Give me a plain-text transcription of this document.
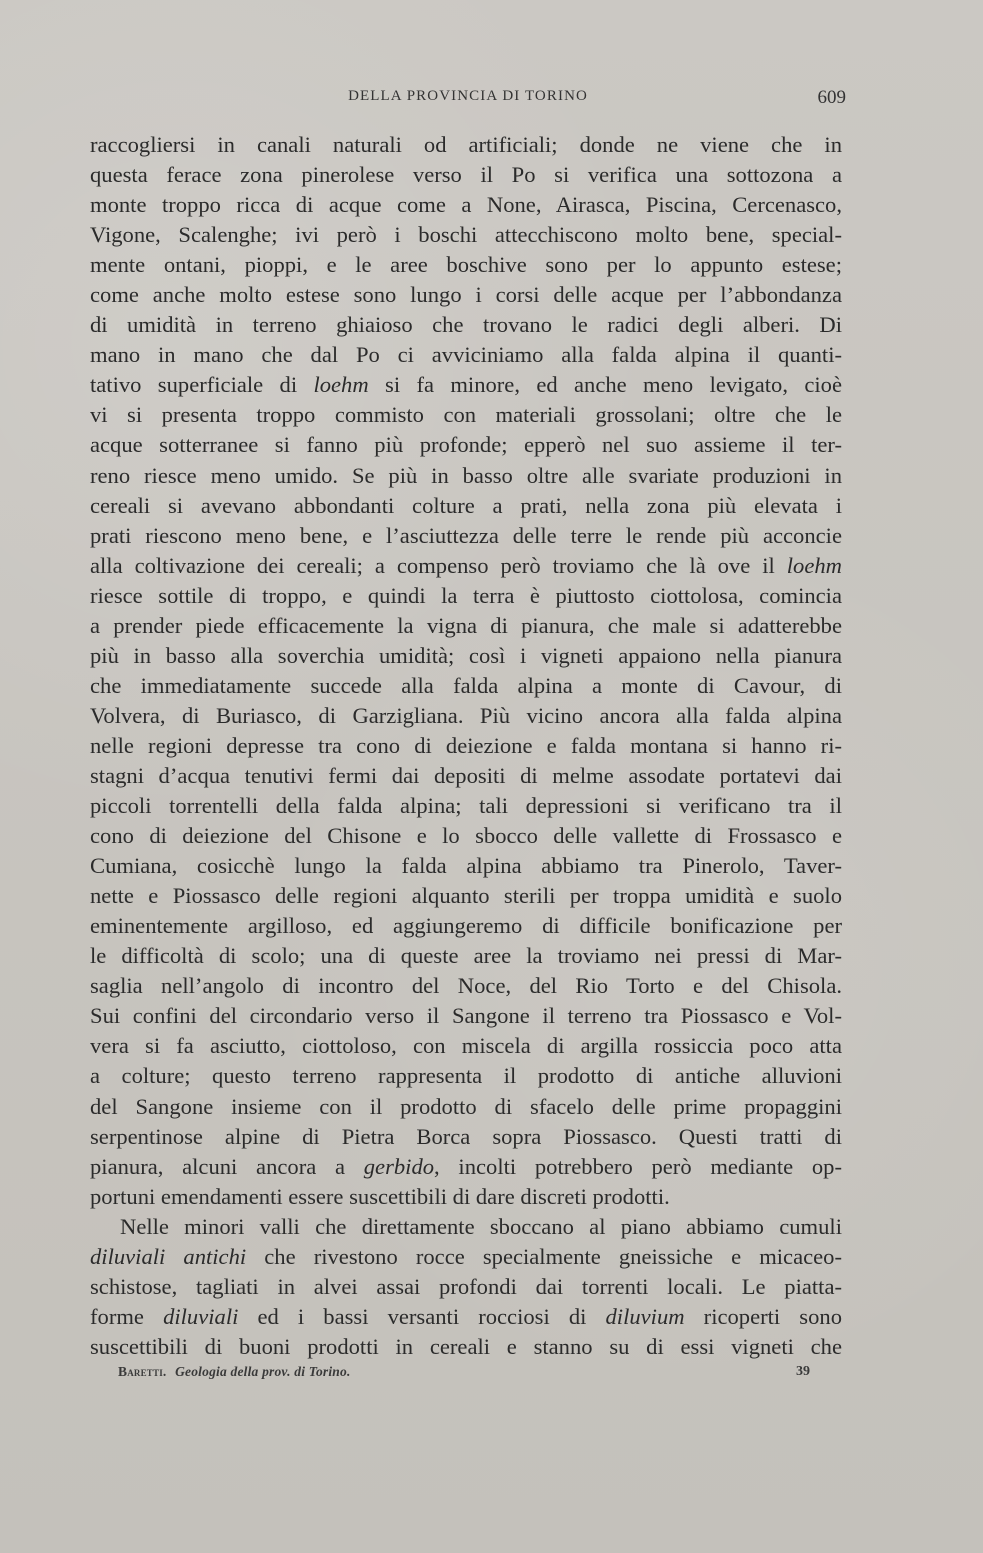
DELLA PROVINCIA DI TORINO	609
raccogliersi in canali naturali od artificiali; donde ne viene che in
questa ferace zona pinerolese verso il Po si verifica una sottozona a
monte troppo ricca di acque come a None, Airasca, Piscina, Cercenasco,
Vigone, Scalenghe; ivi però i boschi attecchiscono molto bene, special-
mente ontani, pioppi, e le aree boschive sono per lo appunto estese;
come anche molto estese sono lungo i corsi delle acque per l’abbondanza
di umidità in terreno ghiaioso che trovano le radici degli alberi. Di
mano in mano che dal Po ci avviciniamo alla falda alpina il quanti-
tativo superficiale di loehm si fa minore, ed anche meno levigato, cioè
vi si presenta troppo commisto con materiali grossolani; oltre che le
acque sotterranee si fanno più profonde; epperò nel suo assieme il ter-
reno riesce meno umido. Se più in basso oltre alle svariate produzioni in
cereali si avevano abbondanti colture a prati, nella zona più elevata i
prati riescono meno bene, e l’asciuttezza delle terre le rende più acconcie
alla coltivazione dei cereali; a compenso però troviamo che là ove il loehm
riesce sottile di troppo, e quindi la terra è piuttosto ciottolosa, comincia
a prender piede efficacemente la vigna di pianura, che male si adatterebbe
più in basso alla soverchia umidità; così i vigneti appaiono nella pianura
che immediatamente succede alla falda alpina a monte di Cavour, di
Volvera, di Buriasco, di Garzigliana. Più vicino ancora alla falda alpina
nelle regioni depresse tra cono di deiezione e falda montana si hanno ri-
stagni d’acqua tenutivi fermi dai depositi di melme assodate portatevi dai
piccoli torrentelli della falda alpina; tali depressioni si verificano tra il
cono di deiezione del Chisone e lo sbocco delle vallette di Frossasco e
Cumiana, cosicchè lungo la falda alpina abbiamo tra Pinerolo, Taver-
nette e Piossasco delle regioni alquanto sterili per troppa umidità e suolo
eminentemente argilloso, ed aggiungeremo di difficile bonificazione per
le difficoltà di scolo; una di queste aree la troviamo nei pressi di Mar-
saglia nell’angolo di incontro del Noce, del Rio Torto e del Chisola.
Sui confini del circondario verso il Sangone il terreno tra Piossasco e Vol-
vera si fa asciutto, ciottoloso, con miscela di argilla rossiccia poco atta
a colture; questo terreno rappresenta il prodotto di antiche alluvioni
del Sangone insieme con il prodotto di sfacelo delle prime propaggini
serpentinose alpine di Pietra Borca sopra Piossasco. Questi tratti di
pianura, alcuni ancora a gerbido, incolti potrebbero però mediante op-
portuni emendamenti essere suscettibili di dare discreti prodotti.
Nelle minori valli che direttamente sboccano al piano abbiamo cumuli
diluviali antichi che rivestono rocce specialmente gneissiche e micaceo-
schistose, tagliati in alvei assai profondi dai torrenti locali. Le piatta-
forme diluviali ed i bassi versanti rocciosi di diluvium ricoperti sono
suscettibili di buoni prodotti in cereali e stanno su di essi vigneti che
Baretti. Geologia della prov. di Torino.	39
